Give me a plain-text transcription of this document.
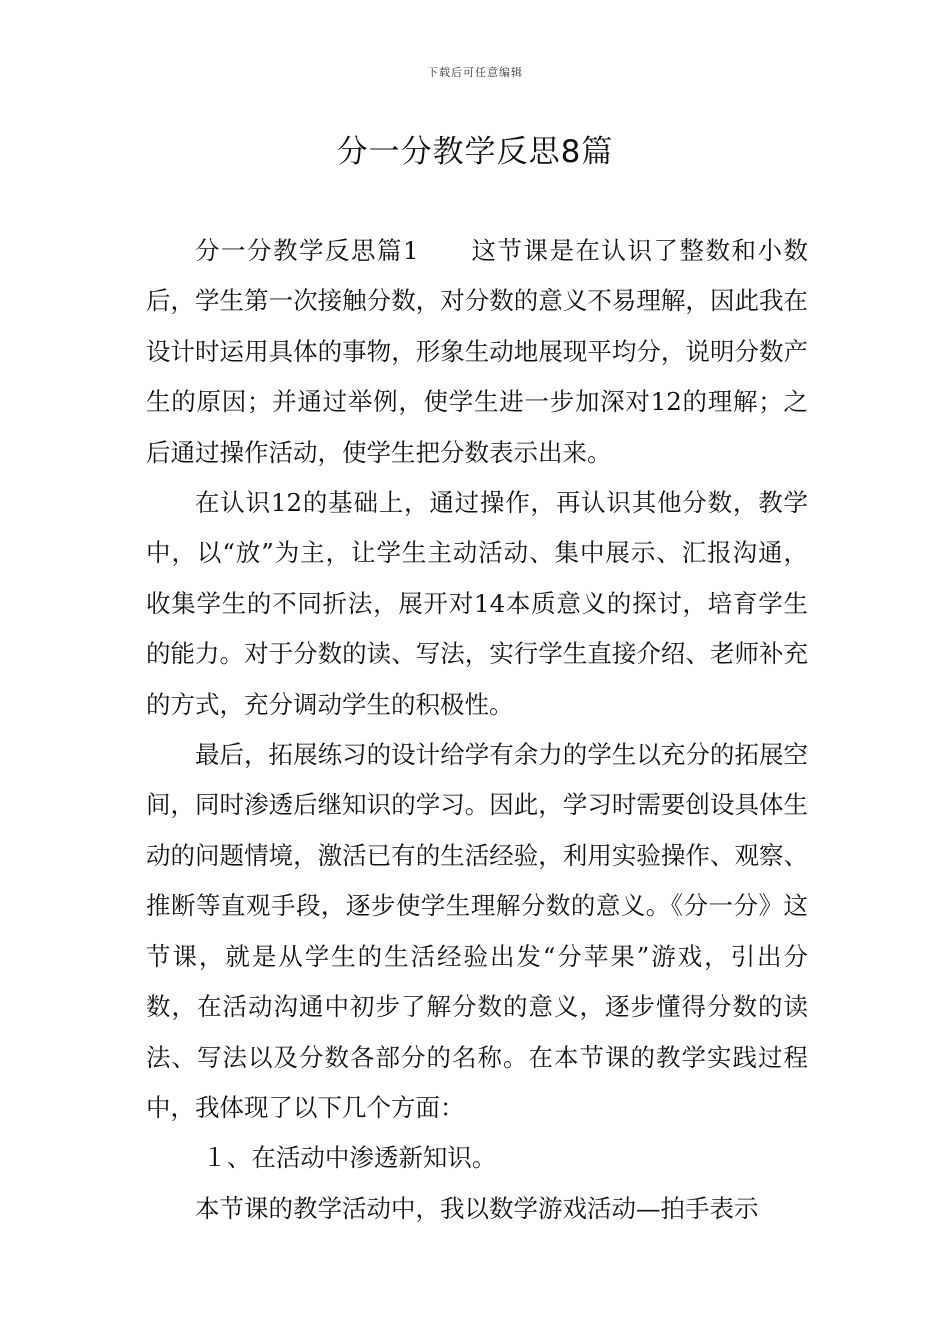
下载后可任意编辑
分一分教学反思8篇

分一分教学反思篇1 这节课是在认识了整数和小数后，学生第一次接触分数，对分数的意义不易理解，因此我在设计时运用具体的事物，形象生动地展现平均分，说明分数产生的原因；并通过举例，使学生进一步加深对12的理解；之后通过操作活动，使学生把分数表示出来。

在认识12的基础上，通过操作，再认识其他分数，教学中，以“放”为主，让学生主动活动、集中展示、汇报沟通，收集学生的不同折法，展开对14本质意义的探讨，培育学生的能力。对于分数的读、写法，实行学生直接介绍、老师补充的方式，充分调动学生的积极性。

最后，拓展练习的设计给学有余力的学生以充分的拓展空间，同时渗透后继知识的学习。因此，学习时需要创设具体生动的问题情境，激活已有的生活经验，利用实验操作、观察、推断等直观手段，逐步使学生理解分数的意义。《分一分》这节课，就是从学生的生活经验出发“分苹果”游戏，引出分数，在活动沟通中初步了解分数的意义，逐步懂得分数的读法、写法以及分数各部分的名称。在本节课的教学实践过程中，我体现了以下几个方面：

１、在活动中渗透新知识。

本节课的教学活动中，我以数学游戏活动—拍手表示
